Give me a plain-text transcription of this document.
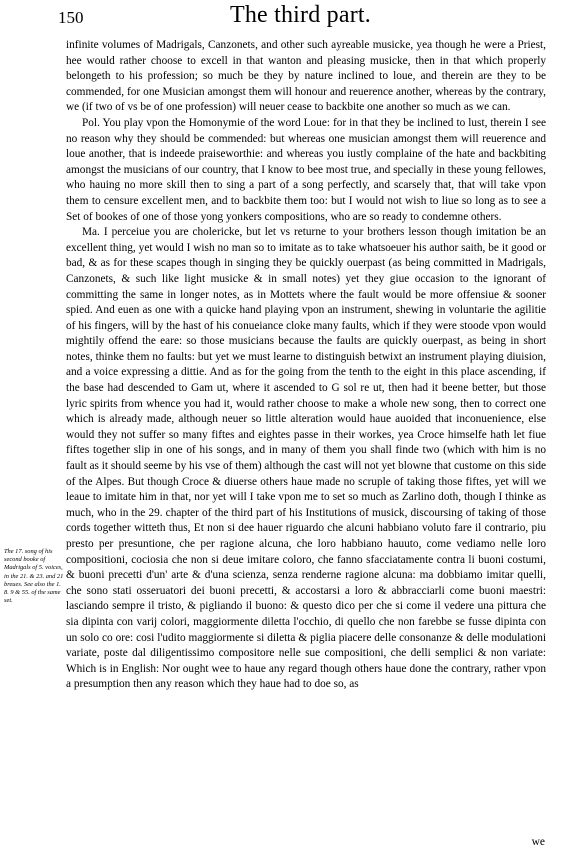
150	The third part.

infinite volumes of Madrigals, Canzonets, and other such ayreable musicke, yea though he were a Priest, hee would rather choose to excell in that wanton and pleasing musicke, then in that which properly belongeth to his profession; so much be they by nature inclined to loue, and therein are they to be commended, for one Musician amongst them will honour and reuerence another, whereas by the contrary, we (if two of vs be of one profession) will neuer cease to backbite one another so much as we can.

Pol. You play vpon the Homonymie of the word Loue: for in that they be inclined to lust, therein I see no reason why they should be commended: but whereas one musician amongst them will reuerence and loue another, that is indeede praiseworthie: and whereas you iustly complaine of the hate and backbiting amongst the musicians of our country, that I know to bee most true, and specially in these young fellowes, who hauing no more skill then to sing a part of a song perfectly, and scarsely that, that will take vpon them to censure excellent men, and to backbite them too: but I would not wish to liue so long as to see a Set of bookes of one of those yong yonkers compositions, who are so ready to condemne others.

Ma. I perceiue you are cholericke, but let vs returne to your brothers lesson though imitation be an excellent thing, yet would I wish no man so to imitate as to take whatsoeuer his author saith, be it good or bad, & as for these scapes though in singing they be quickly ouerpast (as being committed in Madrigals, Canzonets, & such like light musicke & in small notes) yet they giue occasion to the ignorant of committing the same in longer notes, as in Mottets where the fault would be more offensiue & sooner spied. And euen as one with a quicke hand playing vpon an instrument, shewing in voluntarie the agilitie of his fingers, will by the hast of his conueiance cloke many faults, which if they were stoode vpon would mightily offend the eare: so those musicians because the faults are quickly ouerpast, as being in short notes, thinke them no faults: but yet we must learne to distinguish betwixt an instrument playing diuision, and a voice expressing a dittie. And as for the going from the tenth to the eight in this place ascending, if the base had descended to Gam ut, where it ascended to G sol re ut, then had it beene better, but those lyric spirits from whence you had it, would rather choose to make a whole new song, then to correct one which is already made, although neuer so little alteration would haue auoided that inconuenience, else would they not suffer so many fiftes and eightes passe in their workes, yea Croce himselfe hath let fiue fiftes together slip in one of his songs, and in many of them you shall finde two (which with him is no fault as it should seeme by his vse of them) although the cast will not yet blowne that custome on this side of the Alpes. But though Croce & diuerse others haue made no scruple of taking those fiftes, yet will we leaue to imitate him in that, nor yet will I take vpon me to set so much as Zarlino doth, though I thinke as much, who in the 29. chapter of the third part of his Institutions of musick, discoursing of taking of those cords together witteth thus, Et non si dee hauer riguardo che alcuni habbiano voluto fare il contrario, piu presto per presuntione, che per ragione alcuna, che loro habbiano hauuto, come vediamo nelle loro compositioni, cociosia che non si deue imitare coloro, che fanno sfacciatamente contra li buoni costumi, & buoni precetti d'un' arte & d'una scienza, senza renderne ragione alcuna: ma dobbiamo imitar quelli, che sono stati osseruatori dei buoni precetti, & accostarsi a loro & abbracciarli come buoni maestri: lasciando sempre il tristo, & pigliando il buono: & questo dico per che si come il vedere una pittura che sia dipinta con varij colori, maggiormente diletta l'occhio, di quello che non farebbe se fusse dipinta con un solo co ore: cosi l'udito maggiormente si diletta & piglia piacere delle consonanze & delle modulationi variate, poste dal diligentissimo compositore nelle sue compositioni, che delli semplici & non variate: Which is in English: Nor ought wee to haue any regard though others haue done the contrary, rather vpon a presumption then any reason which they haue had to doe so, as

The 17. song of his second booke of Madrigals of 5. voices, in the 21. & 23. and 21 breues. See also the 1. 8. 9 & 55. of the same set.
we
